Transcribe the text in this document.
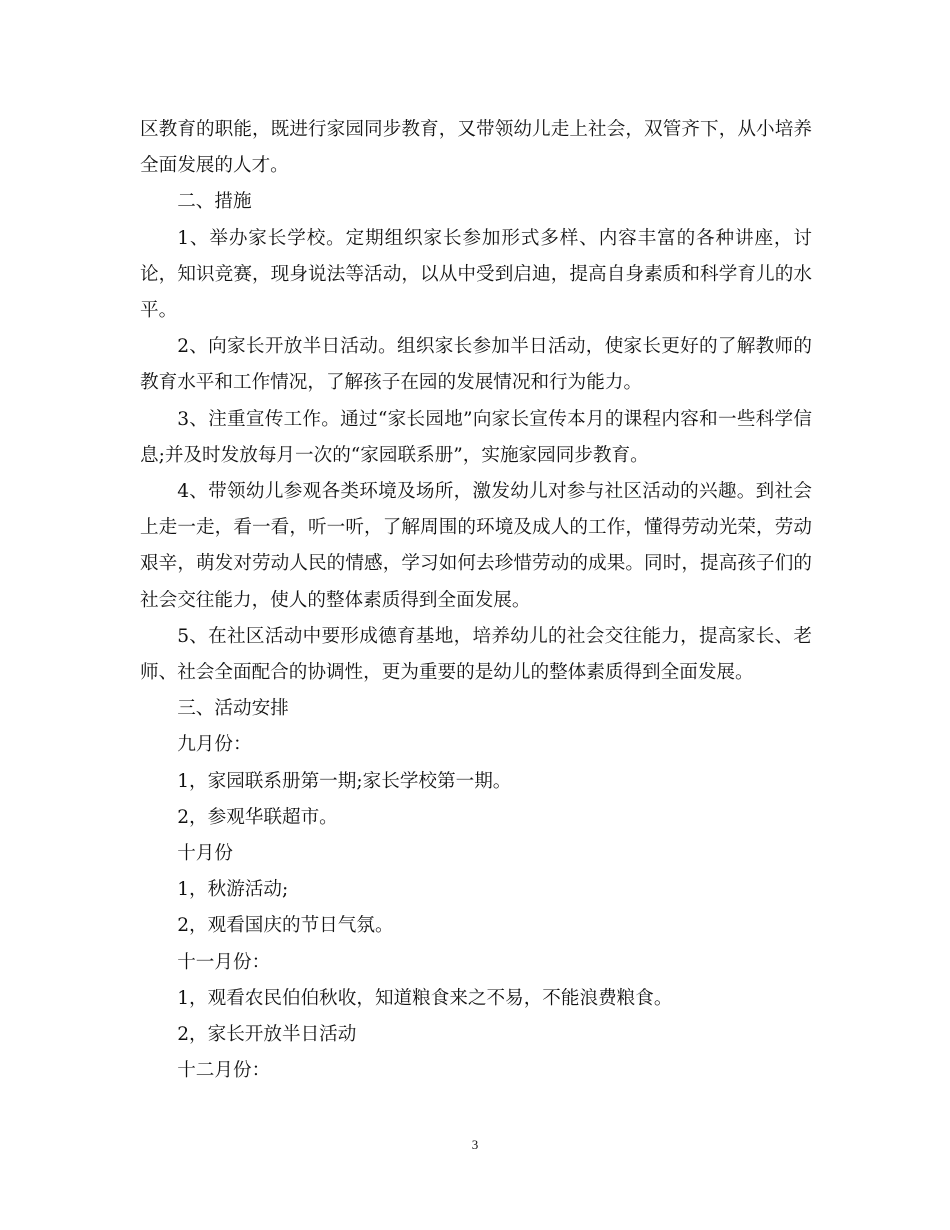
区教育的职能，既进行家园同步教育，又带领幼儿走上社会，双管齐下，从小培养全面发展的人才。

二、措施

1、举办家长学校。定期组织家长参加形式多样、内容丰富的各种讲座，讨论，知识竞赛，现身说法等活动，以从中受到启迪，提高自身素质和科学育儿的水平。

2、向家长开放半日活动。组织家长参加半日活动，使家长更好的了解教师的教育水平和工作情况，了解孩子在园的发展情况和行为能力。

3、注重宣传工作。通过“家长园地”向家长宣传本月的课程内容和一些科学信息;并及时发放每月一次的“家园联系册”，实施家园同步教育。

4、带领幼儿参观各类环境及场所，激发幼儿对参与社区活动的兴趣。到社会上走一走，看一看，听一听，了解周围的环境及成人的工作，懂得劳动光荣，劳动艰辛，萌发对劳动人民的情感，学习如何去珍惜劳动的成果。同时，提高孩子们的社会交往能力，使人的整体素质得到全面发展。

5、在社区活动中要形成德育基地，培养幼儿的社会交往能力，提高家长、老师、社会全面配合的协调性，更为重要的是幼儿的整体素质得到全面发展。

三、活动安排

九月份：

1，家园联系册第一期;家长学校第一期。

2，参观华联超市。

十月份

1，秋游活动;

2，观看国庆的节日气氛。

十一月份：

1，观看农民伯伯秋收，知道粮食来之不易，不能浪费粮食。

2，家长开放半日活动

十二月份：

3
